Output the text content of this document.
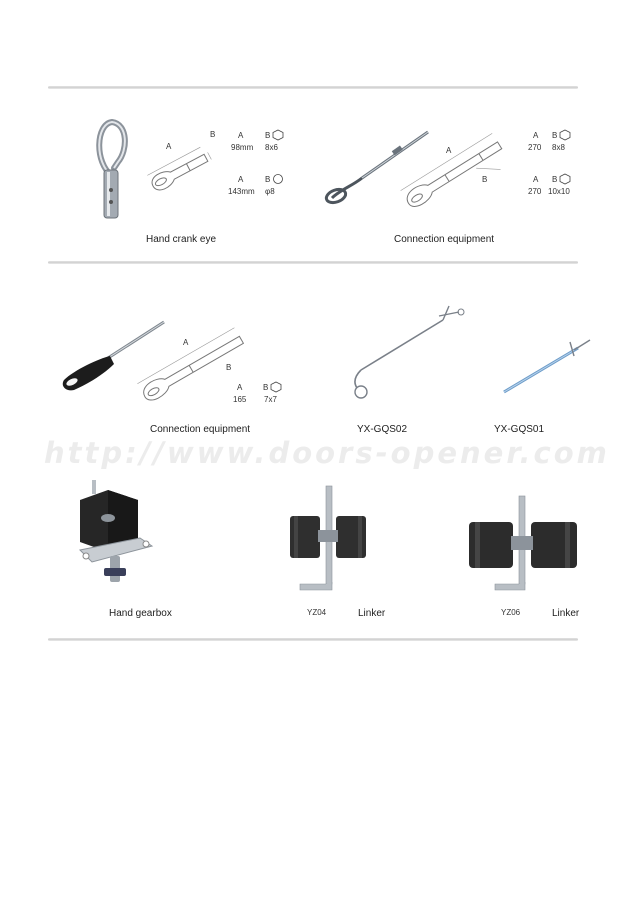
http://www.doors-opener.com
A
B	A	B
98mm 8x6
A	B
143mm φ8
Hand crank eye
A
B
A B
270 8x8
A B
270 10x10
Connection equipment
A
B
A	B
165 7x7
Connection equipment	YX-GQS02	YX-GQS01
Hand gearbox	YZ04	Linker	YZ06	Linker
